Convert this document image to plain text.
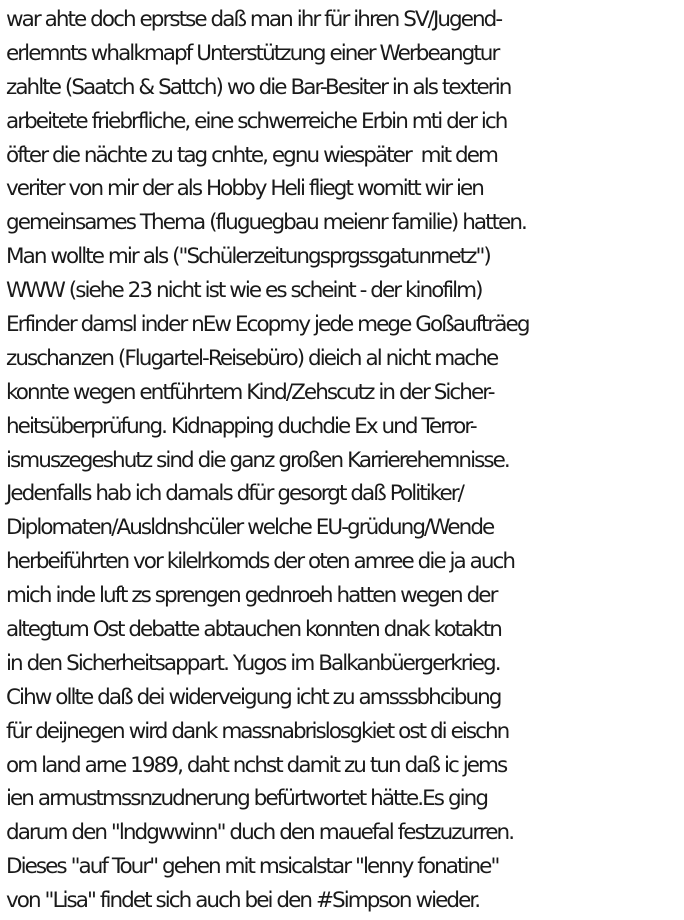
war ahte doch eprstse daß man ihr für ihren SV/Jugend-
erlemnts whalkmapf Unterstützung einer Werbeangtur
zahlte (Saatch & Sattch) wo die Bar-Besiter in als texterin
arbeitete friebrfliche, eine schwerreiche Erbin mti der ich
öfter die nächte zu tag cnhte, egnu wiespäter  mit dem
veriter von mir der als Hobby Heli fliegt womitt wir ien
gemeinsames Thema (fluguegbau meienr familie) hatten.
Man wollte mir als ("Schülerzeitungsprgssgatunrnetz")
WWW (siehe 23 nicht ist wie es scheint - der kinofilm)
Erfinder damsl inder nEw Ecopmy jede mege Goßaufträeg
zuschanzen (Flugartel-Reisebüro) dieich al nicht mache
konnte wegen entführtem Kind/Zehscutz in der Sicher-
heitsüberprüfung. Kidnapping duchdie Ex und Terror-
ismuszegeshutz sind die ganz großen Karrierehemnisse.
Jedenfalls hab ich damals dfür gesorgt daß Politiker/
Diplomaten/Ausldnshcüler welche EU-grüdung/Wende
herbeiführten vor kilelrkomds der oten amree die ja auch
mich inde luft zs sprengen gednroeh hatten wegen der
altegtum Ost debatte abtauchen konnten dnak kotaktn
in den Sicherheitsappart. Yugos im Balkanbüergerkrieg.
Cihw ollte daß dei widerveigung icht zu amsssbhcibung
für deijnegen wird dank massnabrislosgkiet ost di eischn
om land arne 1989, daht nchst damit zu tun daß ic jems
ien armustmssnzudnerung befürtwortet hätte.Es ging
darum den "lndgwwinn" duch den mauefal festzuzurren.
Dieses "auf Tour" gehen mit msicalstar "lenny fonatine"
von "Lisa" findet sich auch bei den #Simpson wieder.
